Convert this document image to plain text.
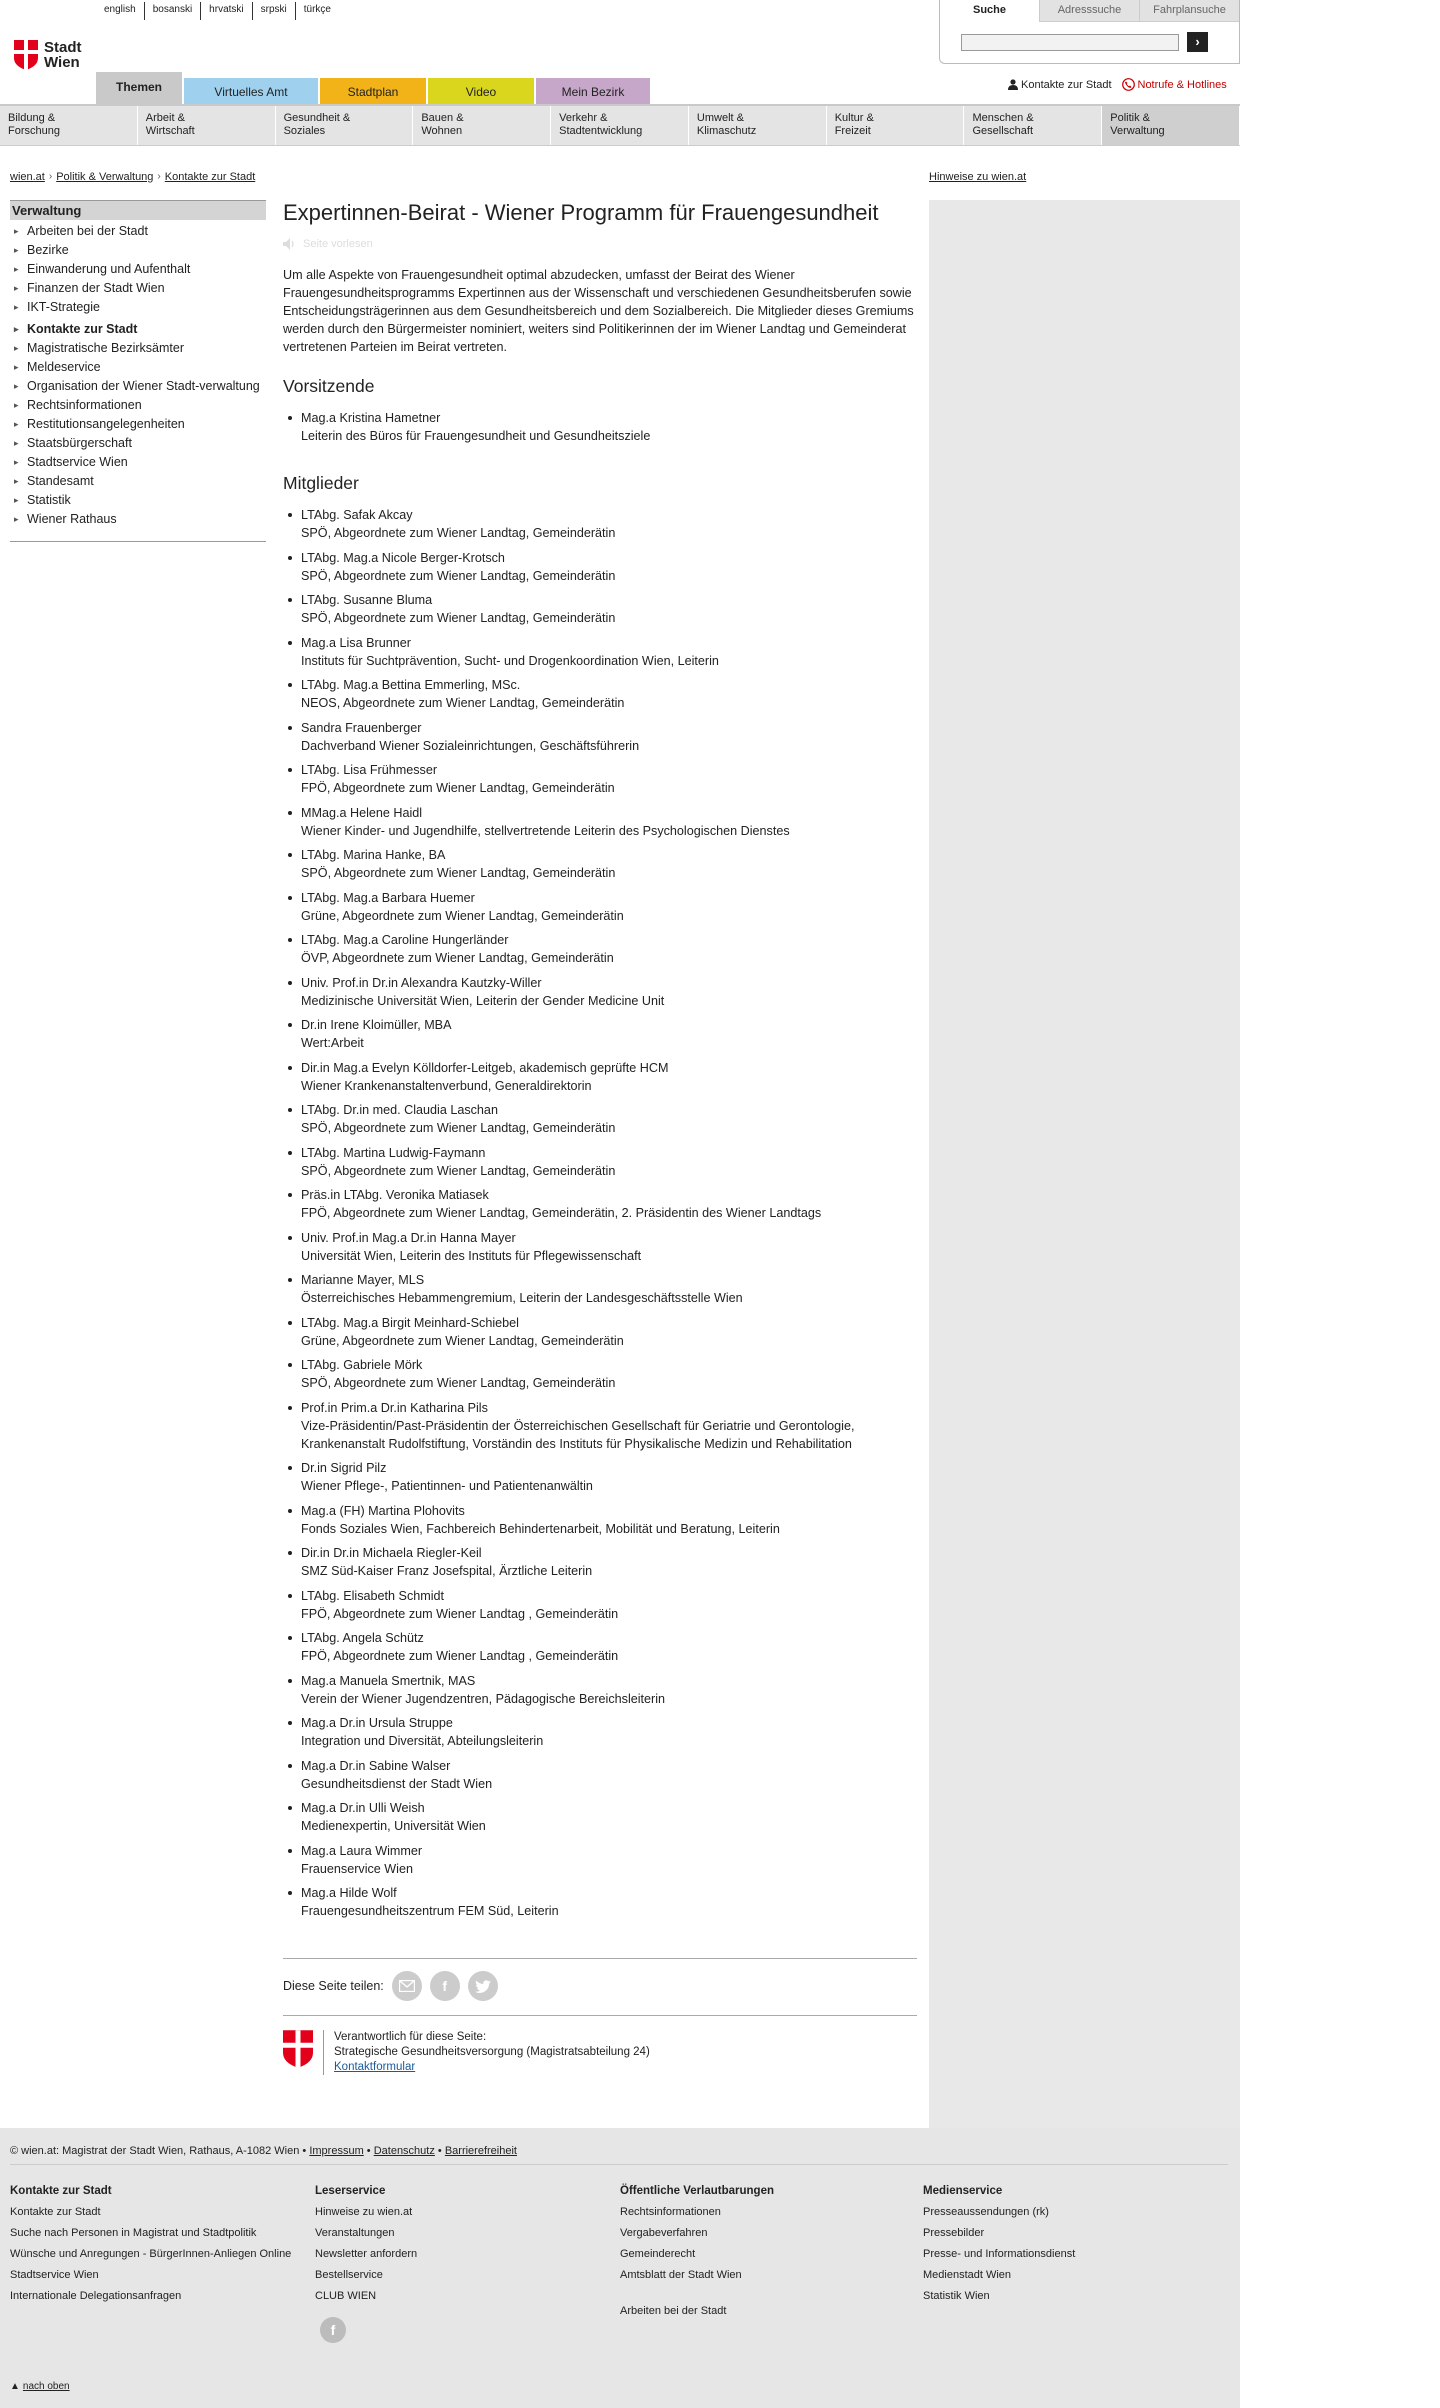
english	bosanski	hrvatski	srpski	türkçe
Stadt
Wien
Suche	Adresssuche	Fahrplansuche
›
Kontakte zur Stadt Notrufe & Hotlines
Themen	Virtuelles Amt	Stadtplan	Video	Mein Bezirk
Bildung &
Forschung
Arbeit &
Wirtschaft
Gesundheit &
Soziales
Bauen &
Wohnen
Verkehr &
Stadtentwicklung
Umwelt &
Klimaschutz
Kultur &
Freizeit
Menschen &
Gesellschaft
Politik &
Verwaltung
wien.at › Politik & Verwaltung › Kontakte zur Stadt	Hinweise zu wien.at
Verwaltung
▸ Arbeiten bei der Stadt
▸ Bezirke
▸ Einwanderung und Aufenthalt
▸ Finanzen der Stadt Wien
▸ IKT-Strategie
▸ Kontakte zur Stadt
▸ Magistratische Bezirksämter
▸ Meldeservice
▸ Organisation der Wiener Stadt-verwaltung
▸ Rechtsinformationen
▸ Restitutionsangelegenheiten
▸ Staatsbürgerschaft
▸ Stadtservice Wien
▸ Standesamt
▸ Statistik
▸ Wiener Rathaus
Expertinnen-Beirat - Wiener Programm für Frauengesundheit
Seite vorlesen

Um alle Aspekte von Frauengesundheit optimal abzudecken, umfasst der Beirat des Wiener Frauengesundheitsprogramms Expertinnen aus der Wissenschaft und verschiedenen Gesundheitsberufen sowie Entscheidungsträgerinnen aus dem Gesundheitsbereich und dem Sozialbereich. Die Mitglieder dieses Gremiums werden durch den Bürgermeister nominiert, weiters sind Politikerinnen der im Wiener Landtag und Gemeinderat vertretenen Parteien im Beirat vertreten.

Vorsitzende
Mag.a Kristina Hametner
Leiterin des Büros für Frauengesundheit und Gesundheitsziele
Mitglieder
LTAbg. Safak Akcay
SPÖ, Abgeordnete zum Wiener Landtag, Gemeinderätin
LTAbg. Mag.a Nicole Berger-Krotsch
SPÖ, Abgeordnete zum Wiener Landtag, Gemeinderätin
LTAbg. Susanne Bluma
SPÖ, Abgeordnete zum Wiener Landtag, Gemeinderätin
Mag.a Lisa Brunner
Instituts für Suchtprävention, Sucht- und Drogenkoordination Wien, Leiterin
LTAbg. Mag.a Bettina Emmerling, MSc.
NEOS, Abgeordnete zum Wiener Landtag, Gemeinderätin
Sandra Frauenberger
Dachverband Wiener Sozialeinrichtungen, Geschäftsführerin
LTAbg. Lisa Frühmesser
FPÖ, Abgeordnete zum Wiener Landtag, Gemeinderätin
MMag.a Helene Haidl
Wiener Kinder- und Jugendhilfe, stellvertretende Leiterin des Psychologischen Dienstes
LTAbg. Marina Hanke, BA
SPÖ, Abgeordnete zum Wiener Landtag, Gemeinderätin
LTAbg. Mag.a Barbara Huemer
Grüne, Abgeordnete zum Wiener Landtag, Gemeinderätin
LTAbg. Mag.a Caroline Hungerländer
ÖVP, Abgeordnete zum Wiener Landtag, Gemeinderätin
Univ. Prof.in Dr.in Alexandra Kautzky-Willer
Medizinische Universität Wien, Leiterin der Gender Medicine Unit
Dr.in Irene Kloimüller, MBA
Wert:Arbeit
Dir.in Mag.a Evelyn Kölldorfer-Leitgeb, akademisch geprüfte HCM
Wiener Krankenanstaltenverbund, Generaldirektorin
LTAbg. Dr.in med. Claudia Laschan
SPÖ, Abgeordnete zum Wiener Landtag, Gemeinderätin
LTAbg. Martina Ludwig-Faymann
SPÖ, Abgeordnete zum Wiener Landtag, Gemeinderätin
Präs.in LTAbg. Veronika Matiasek
FPÖ, Abgeordnete zum Wiener Landtag, Gemeinderätin, 2. Präsidentin des Wiener Landtags
Univ. Prof.in Mag.a Dr.in Hanna Mayer
Universität Wien, Leiterin des Instituts für Pflegewissenschaft
Marianne Mayer, MLS
Österreichisches Hebammengremium, Leiterin der Landesgeschäftsstelle Wien
LTAbg. Mag.a Birgit Meinhard-Schiebel
Grüne, Abgeordnete zum Wiener Landtag, Gemeinderätin
LTAbg. Gabriele Mörk
SPÖ, Abgeordnete zum Wiener Landtag, Gemeinderätin
Prof.in Prim.a Dr.in Katharina Pils
Vize-Präsidentin/Past-Präsidentin der Österreichischen Gesellschaft für Geriatrie und Gerontologie, Krankenanstalt Rudolfstiftung, Vorständin des Instituts für Physikalische Medizin und Rehabilitation
Dr.in Sigrid Pilz
Wiener Pflege-, Patientinnen- und Patientenanwältin
Mag.a (FH) Martina Plohovits
Fonds Soziales Wien, Fachbereich Behindertenarbeit, Mobilität und Beratung, Leiterin
Dir.in Dr.in Michaela Riegler-Keil
SMZ Süd-Kaiser Franz Josefspital, Ärztliche Leiterin
LTAbg. Elisabeth Schmidt
FPÖ, Abgeordnete zum Wiener Landtag , Gemeinderätin
LTAbg. Angela Schütz
FPÖ, Abgeordnete zum Wiener Landtag , Gemeinderätin
Mag.a Manuela Smertnik, MAS
Verein der Wiener Jugendzentren, Pädagogische Bereichsleiterin
Mag.a Dr.in Ursula Struppe
Integration und Diversität, Abteilungsleiterin
Mag.a Dr.in Sabine Walser
Gesundheitsdienst der Stadt Wien
Mag.a Dr.in Ulli Weish
Medienexpertin, Universität Wien
Mag.a Laura Wimmer
Frauenservice Wien
Mag.a Hilde Wolf
Frauengesundheitszentrum FEM Süd, Leiterin
Diese Seite teilen:	f
Verantwortlich für diese Seite:
Strategische Gesundheitsversorgung (Magistratsabteilung 24)
Kontaktformular
© wien.at: Magistrat der Stadt Wien, Rathaus, A-1082 Wien • Impressum • Datenschutz • Barrierefreiheit
Kontakte zur Stadt
Kontakte zur Stadt
Suche nach Personen in Magistrat und Stadtpolitik
Wünsche und Anregungen - BürgerInnen-Anliegen Online
Stadtservice Wien
Internationale Delegationsanfragen
Leserservice
Hinweise zu wien.at
Veranstaltungen
Newsletter anfordern
Bestellservice
CLUB WIEN
f
Öffentliche Verlautbarungen
Rechtsinformationen
Vergabeverfahren
Gemeinderecht
Amtsblatt der Stadt Wien
Arbeiten bei der Stadt
Medienservice
Presseaussendungen (rk)
Pressebilder
Presse- und Informationsdienst
Medienstadt Wien
Statistik Wien
▲ nach oben
